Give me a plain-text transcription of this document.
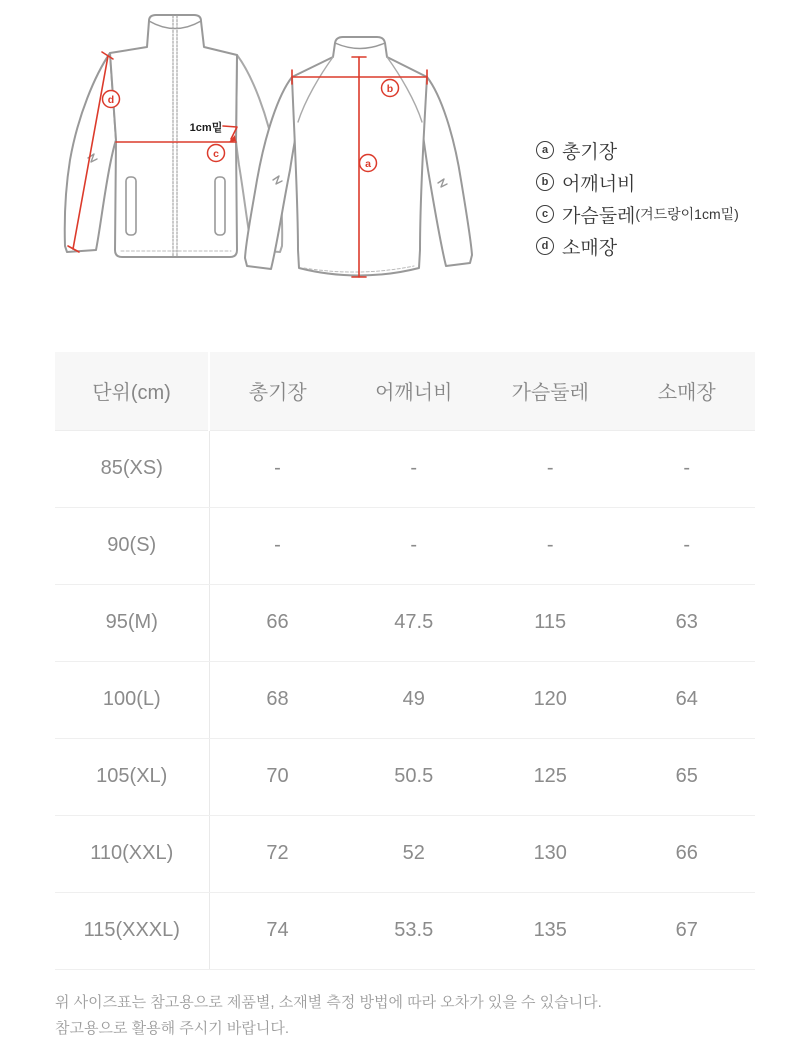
d
c
b
a
1cm밑
a 총기장
b 어깨너비
c 가슴둘레 (겨드랑이1cm밑)
d 소매장
단위(cm)	총기장	어깨너비	가슴둘레	소매장
85(XS)	-	-	-	-
90(S)	-	-	-	-
95(M)	66	47.5	115	63
100(L)	68	49	120	64
105(XL)	70	50.5	125	65
110(XXL)	72	52	130	66
115(XXXL)	74	53.5	135	67
위 사이즈표는 참고용으로 제품별, 소재별 측정 방법에 따라 오차가 있을 수 있습니다.
참고용으로 활용해 주시기 바랍니다.
